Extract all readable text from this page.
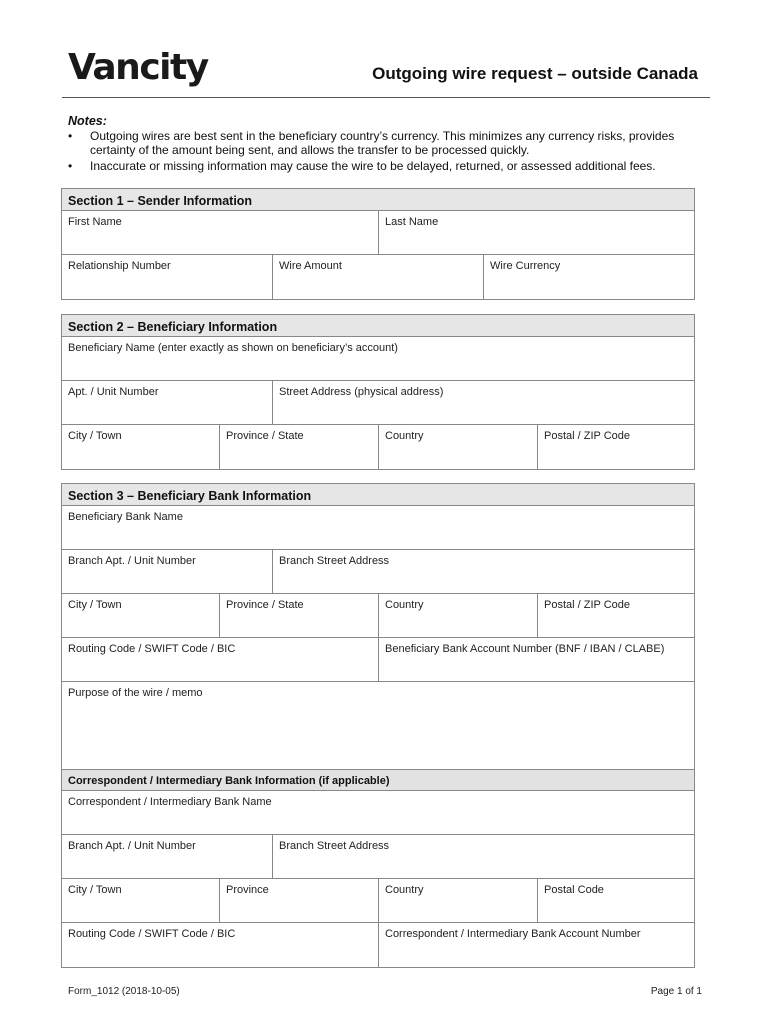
Vancity	Outgoing wire request – outside Canada
Notes:
• Outgoing wires are best sent in the beneficiary country’s currency. This minimizes any currency risks, provides certainty of the amount being sent, and allows the transfer to be processed quickly.
• Inaccurate or missing information may cause the wire to be delayed, returned, or assessed additional fees.
Section 1 – Sender Information
First Name	Last Name
Relationship Number	Wire Amount	Wire Currency
Section 2 – Beneficiary Information
Beneficiary Name (enter exactly as shown on beneficiary’s account)
Apt. / Unit Number	Street Address (physical address)
City / Town	Province / State	Country	Postal / ZIP Code
Section 3 – Beneficiary Bank Information
Beneficiary Bank Name
Branch Apt. / Unit Number	Branch Street Address
City / Town	Province / State	Country	Postal / ZIP Code
Routing Code / SWIFT Code / BIC	Beneficiary Bank Account Number (BNF / IBAN / CLABE)
Purpose of the wire / memo
Correspondent / Intermediary Bank Information (if applicable)
Correspondent / Intermediary Bank Name
Branch Apt. / Unit Number	Branch Street Address
City / Town	Province	Country	Postal Code
Routing Code / SWIFT Code / BIC	Correspondent / Intermediary Bank Account Number
Form_1012 (2018-10-05)	Page 1 of 1
